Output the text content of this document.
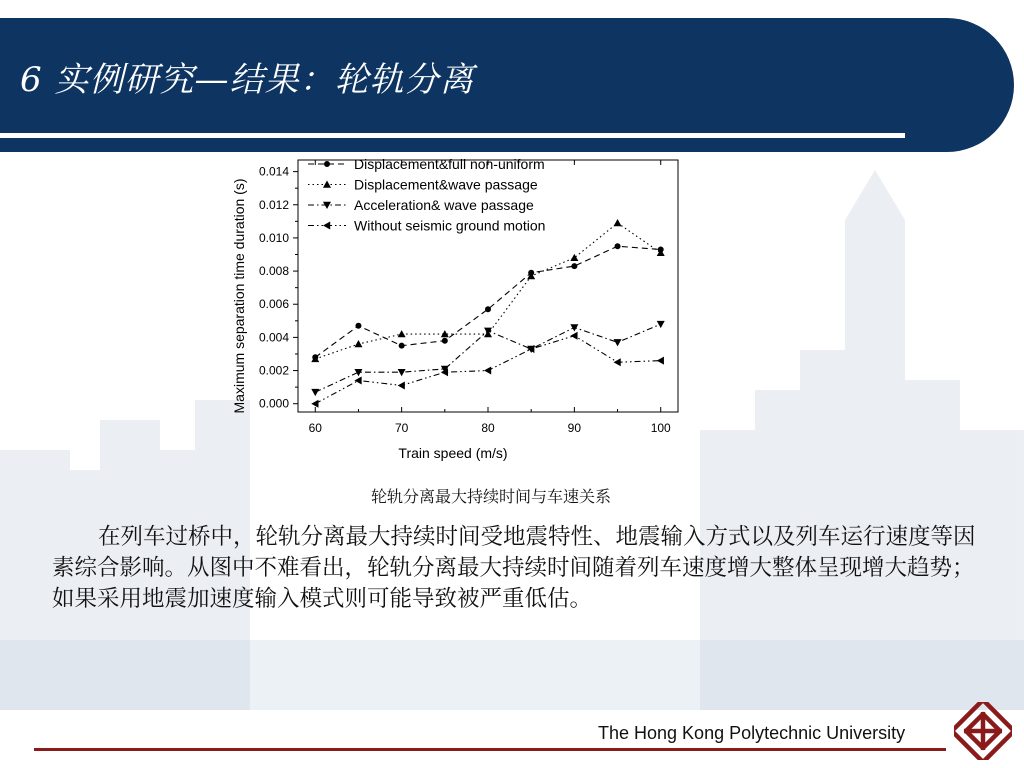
6 实例研究—结果：轮轨分离
60	70	80	90	100
0.000
0.002
0.004
0.006
0.008
0.010
0.012
0.014	Displacement&full non-uniform
Displacement&wave passage
Acceleration& wave passage
Without seismic ground motion
Train speed (m/s)
Maximum separation time duration (s)
轮轨分离最大持续时间与车速关系

在列车过桥中，轮轨分离最大持续时间受地震特性、地震输入方式以及列车运行速度等因素综合影响。从图中不难看出，轮轨分离最大持续时间随着列车速度增大整体呈现增大趋势；如果采用地震加速度输入模式则可能导致被严重低估。

The Hong Kong Polytechnic University
